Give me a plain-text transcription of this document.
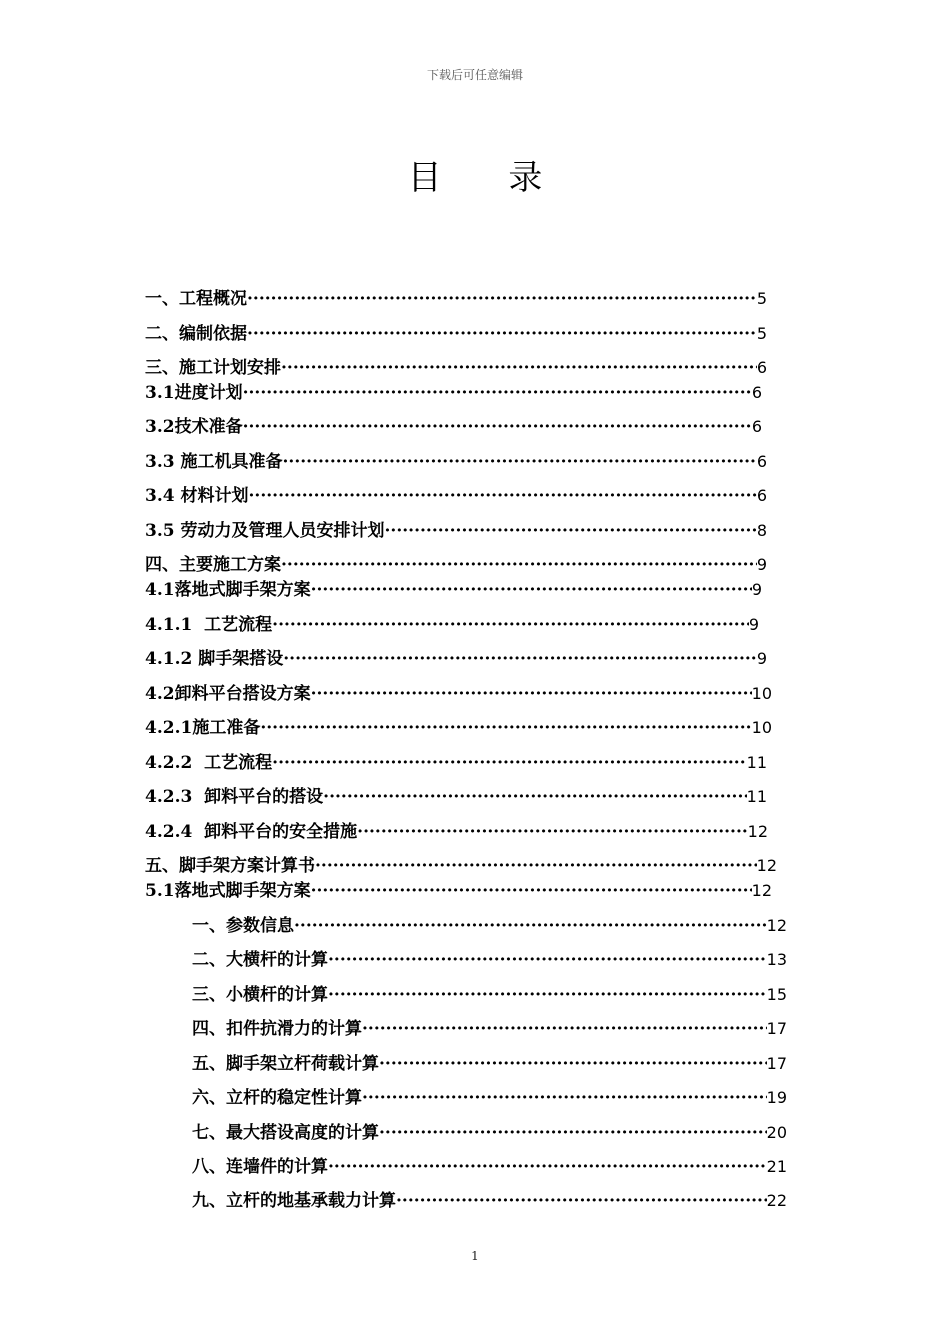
下载后可任意编辑
目 录
一、工程概况 ·····	5
二、编制依据 ·····	5
三、施工计划安排 ·····	6
3.1进度计划 ·····	6
3.2技术准备 ·····	6
3.3 施工机具准备 ·····	6
3.4 材料计划 ·····	6
3.5 劳动力及管理人员安排计划 ·····	8
四、主要施工方案 ·····	9
4.1落地式脚手架方案 ·····	9
4.1.1  工艺流程 ·····	9
4.1.2 脚手架搭设 ·····	9
4.2卸料平台搭设方案 ·····	10
4.2.1施工准备 ·····	10
4.2.2  工艺流程 ·····	11
4.2.3  卸料平台的搭设 ·····	11
4.2.4  卸料平台的安全措施 ·····	12
五、脚手架方案计算书 ·····	12
5.1落地式脚手架方案 ·····	12
一、参数信息 ·····	12
二、大横杆的计算 ·····	13
三、小横杆的计算 ·····	15
四、扣件抗滑力的计算 ·····	17
五、脚手架立杆荷载计算 ·····	17
六、立杆的稳定性计算 ·····	19
七、最大搭设高度的计算 ·····	20
八、连墙件的计算 ·····	21
九、立杆的地基承载力计算 ·····	22
1
